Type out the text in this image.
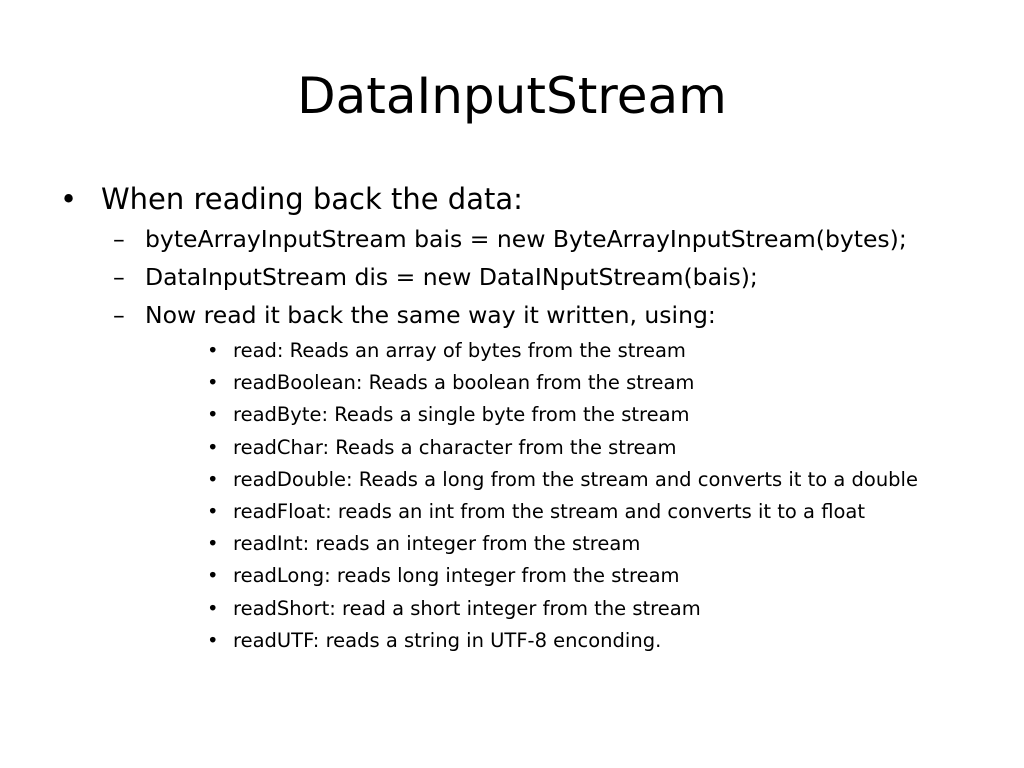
DataInputStream
• When reading back the data:
– byteArrayInputStream bais = new ByteArrayInputStream(bytes);
– DataInputStream dis = new DataINputStream(bais);
– Now read it back the same way it written, using:
• read: Reads an array of bytes from the stream
• readBoolean: Reads a boolean from the stream
• readByte: Reads a single byte from the stream
• readChar: Reads a character from the stream
• readDouble: Reads a long from the stream and converts it to a double
• readFloat: reads an int from the stream and converts it to a float
• readInt: reads an integer from the stream
• readLong: reads long integer from the stream
• readShort: read a short integer from the stream
• readUTF: reads a string in UTF-8 enconding.
